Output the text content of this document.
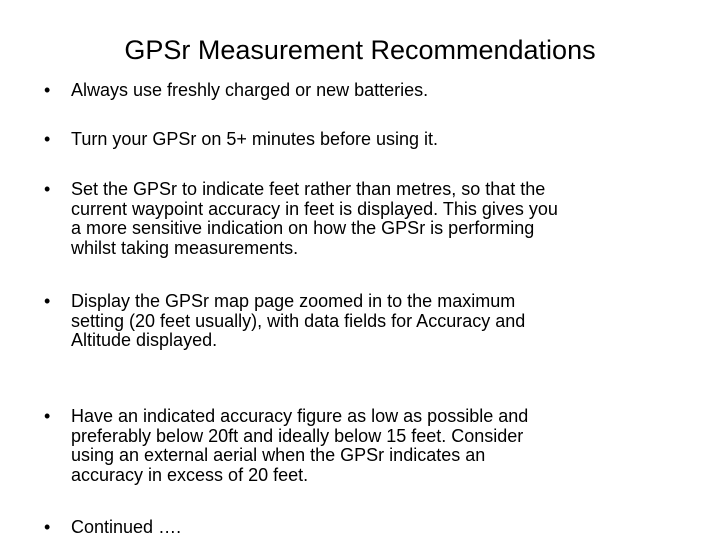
GPSr Measurement Recommendations
•	Always use freshly charged or new batteries.
•	Turn your GPSr on 5+ minutes before using it.
•	Set the GPSr to indicate feet rather than metres, so that the
current waypoint accuracy in feet is displayed. This gives you
a more sensitive indication on how the GPSr is performing
whilst taking measurements.
•	Display the GPSr map page zoomed in to the maximum
setting (20 feet usually), with data fields for Accuracy and
Altitude displayed.
•	Have an indicated accuracy figure as low as possible and
preferably below 20ft and ideally below 15 feet. Consider
using an external aerial when the GPSr indicates an
accuracy in excess of 20 feet.
•	Continued ….
